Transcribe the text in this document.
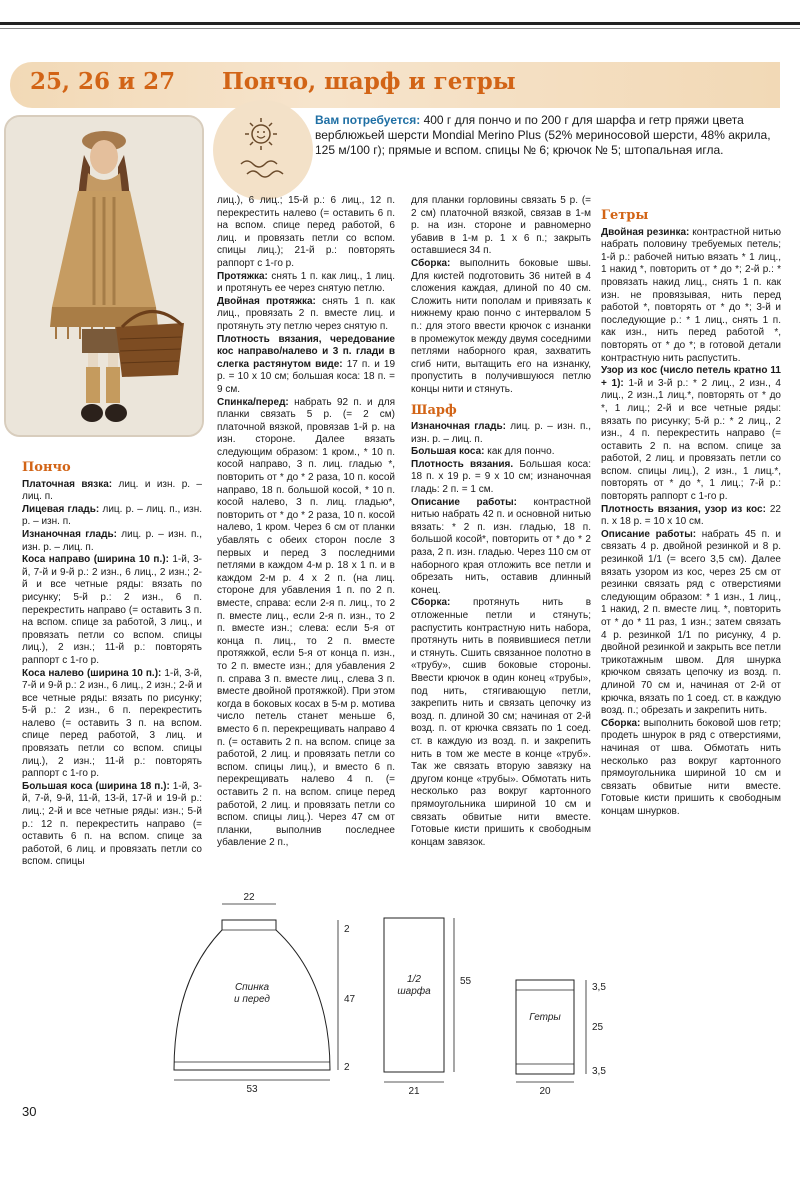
25, 26 и 27 Пончо, шарф и гетры
Вам потребуется: 400 г для пончо и по 200 г для шарфа и гетр пряжи цвета верблюжьей шерсти Mondial Merino Plus (52% мериносовой шерсти, 48% акрила, 125 м/100 г); прямые и вспом. спицы № 6; крючок № 5; штопальная игла.
Пончо

Платочная вязка: лиц. и изн. р. – лиц. п.

Лицевая гладь: лиц. р. – лиц. п., изн. р. – изн. п.

Изнаночная гладь: лиц. р. – изн. п., изн. р. – лиц. п.

Коса направо (ширина 10 п.): 1-й, 3-й, 7-й и 9-й р.: 2 изн., 6 лиц., 2 изн.; 2-й и все четные ряды: вязать по рисунку; 5-й р.: 2 изн., 6 п. перекрестить направо (= оставить 3 п. на вспом. спице за работой, 3 лиц., и провязать петли со вспом. спицы лиц.), 2 изн.; 11-й р.: повторять раппорт с 1-го р.

Коса налево (ширина 10 п.): 1-й, 3-й, 7-й и 9-й р.: 2 изн., 6 лиц., 2 изн.; 2-й и все четные ряды: вязать по рисунку; 5-й р.: 2 изн., 6 п. перекрестить налево (= оставить 3 п. на вспом. спице перед работой, 3 лиц. и провязать петли со вспом. спицы лиц.), 2 изн.; 11-й р.: повторять раппорт с 1-го р.

Большая коса (ширина 18 п.): 1-й, 3-й, 7-й, 9-й, 11-й, 13-й, 17-й и 19-й р.: лиц.; 2-й и все четные ряды: изн.; 5-й р.: 12 п. перекрестить направо (= оставить 6 п. на вспом. спице за работой, 6 лиц. и провязать петли со вспом. спицы

лиц.), 6 лиц.; 15-й р.: 6 лиц., 12 п. перекрестить налево (= оставить 6 п. на вспом. спице перед работой, 6 лиц. и провязать петли со вспом. спицы лиц.); 21-й р.: повторять раппорт с 1-го р.

Протяжка: снять 1 п. как лиц., 1 лиц. и протянуть ее через снятую петлю.

Двойная протяжка: снять 1 п. как лиц., провязать 2 п. вместе лиц. и протянуть эту петлю через снятую п.

Плотность вязания, чередование кос направо/налево и 3 п. глади в слегка растянутом виде: 17 п. и 19 р. = 10 х 10 см; большая коса: 18 п. = 9 см.

Спинка/перед: набрать 92 п. и для планки связать 5 р. (= 2 см) платочной вязкой, провязав 1-й р. на изн. стороне. Далее вязать следующим образом: 1 кром., * 10 п. косой направо, 3 п. лиц. гладью *, повторить от * до * 2 раза, 10 п. косой направо, 18 п. большой косой, * 10 п. косой налево, 3 п. лиц. гладью*, повторить от * до * 2 раза, 10 п. косой налево, 1 кром. Через 6 см от планки убавлять с обеих сторон после 3 первых и перед 3 последними петлями в каждом 4-м р. 18 х 1 п. и в каждом 2-м р. 4 х 2 п. (на лиц. стороне для убавления 1 п. по 2 п. вместе, справа: если 2-я п. лиц., то 2 п. вместе лиц., если 2-я п. изн., то 2 п. вместе изн.; слева: если 5-я от конца п. лиц., то 2 п. вместе протяжкой, если 5-я от конца п. изн., то 2 п. вместе изн.; для убавления 2 п. справа 3 п. вместе лиц., слева 3 п. вместе двойной протяжкой). При этом когда в боковых косах в 5-м р. мотива число петель станет меньше 6, вместо 6 п. перекрещивать направо 4 п. (= оставить 2 п. на вспом. спице за работой, 2 лиц. и провязать петли со вспом. спицы лиц.), и вместо 6 п. перекрещивать налево 4 п. (= оставить 2 п. на вспом. спице перед работой, 2 лиц. и провязать петли со вспом. спицы лиц.). Через 47 см от планки, выполнив последнее убавление 2 п.,

для планки горловины связать 5 р. (= 2 см) платочной вязкой, связав в 1-м р. на изн. стороне и равномерно убавив в 1-м р. 1 х 6 п.; закрыть оставшиеся 34 п.

Сборка: выполнить боковые швы. Для кистей подготовить 36 нитей в 4 сложения каждая, длиной по 40 см. Сложить нити пополам и привязать к нижнему краю пончо с интервалом 5 п.: для этого ввести крючок с изнанки в промежуток между двумя соседними петлями наборного края, захватить сгиб нити, вытащить его на изнанку, пропустить в получившуюся петлю концы нити и стянуть.

Шарф

Изнаночная гладь: лиц. р. – изн. п., изн. р. – лиц. п.

Большая коса: как для пончо.

Плотность вязания. Большая коса: 18 п. х 19 р. = 9 х 10 см; изнаночная гладь: 2 п. = 1 см.

Описание работы: контрастной нитью набрать 42 п. и основной нитью вязать: * 2 п. изн. гладью, 18 п. большой косой*, повторить от * до * 2 раза, 2 п. изн. гладью. Через 110 см от наборного края отложить все петли и обрезать нить, оставив длинный конец.

Сборка: протянуть нить в отложенные петли и стянуть; распустить контрастную нить набора, протянуть нить в появившиеся петли и стянуть. Сшить связанное полотно в «трубу», сшив боковые стороны. Ввести крючок в один конец «трубы», под нить, стягивающую петли, закрепить нить и связать цепочку из возд. п. длиной 30 см; начиная от 2-й возд. п. от крючка связать по 1 соед. ст. в каждую из возд. п. и закрепить нить в том же месте в конце «труб». Так же связать вторую завязку на другом конце «трубы». Обмотать нить несколько раз вокруг картонного прямоугольника шириной 10 см и связать обвитые нити вместе. Готовые кисти пришить к свободным концам завязок.

Гетры

Двойная резинка: контрастной нитью набрать половину требуемых петель; 1-й р.: рабочей нитью вязать * 1 лиц., 1 накид *, повторить от * до *; 2-й р.: * провязать накид лиц., снять 1 п. как изн. не провязывая, нить перед работой *, повторять от * до *; 3-й и последующие р.: * 1 лиц., снять 1 п. как изн., нить перед работой *, повторять от * до *; в готовой детали контрастную нить распустить.

Узор из кос (число петель кратно 11 + 1): 1-й и 3-й р.: * 2 лиц., 2 изн., 4 лиц., 2 изн.,1 лиц.*, повторять от * до *, 1 лиц.; 2-й и все четные ряды: вязать по рисунку; 5-й р.: * 2 лиц., 2 изн., 4 п. перекрестить направо (= оставить 2 п. на вспом. спице за работой, 2 лиц. и провязать петли со вспом. спицы лиц.), 2 изн., 1 лиц.*, повторять от * до *, 1 лиц.; 7-й р.: повторять раппорт с 1-го р.

Плотность вязания, узор из кос: 22 п. х 18 р. = 10 х 10 см.

Описание работы: набрать 45 п. и связать 4 р. двойной резинкой и 8 р. резинкой 1/1 (= всего 3,5 см). Далее вязать узором из кос, через 25 см от резинки связать ряд с отверстиями следующим образом: * 1 изн., 1 лиц., 1 накид, 2 п. вместе лиц. *, повторить от * до * 11 раз, 1 изн.; затем связать 4 р. резинкой 1/1 по рисунку, 4 р. двойной резинкой и закрыть все петли трикотажным швом. Для шнурка крючком связать цепочку из возд. п. длиной 70 см и, начиная от 2-й от крючка, вязать по 1 соед. ст. в каждую возд. п.; обрезать и закрепить нить.

Сборка: выполнить боковой шов гетр; продеть шнурок в ряд с отверстиями, начиная от шва. Обмотать нить несколько раз вокруг картонного прямоугольника шириной 10 см и связать обвитые нити вместе. Готовые кисти пришить к свободным концам шнурков.

22
Спинка
и перед
2
47
2
53
1/2
шарфа
55
21
Гетры
3,5
25
3,5
20
30
